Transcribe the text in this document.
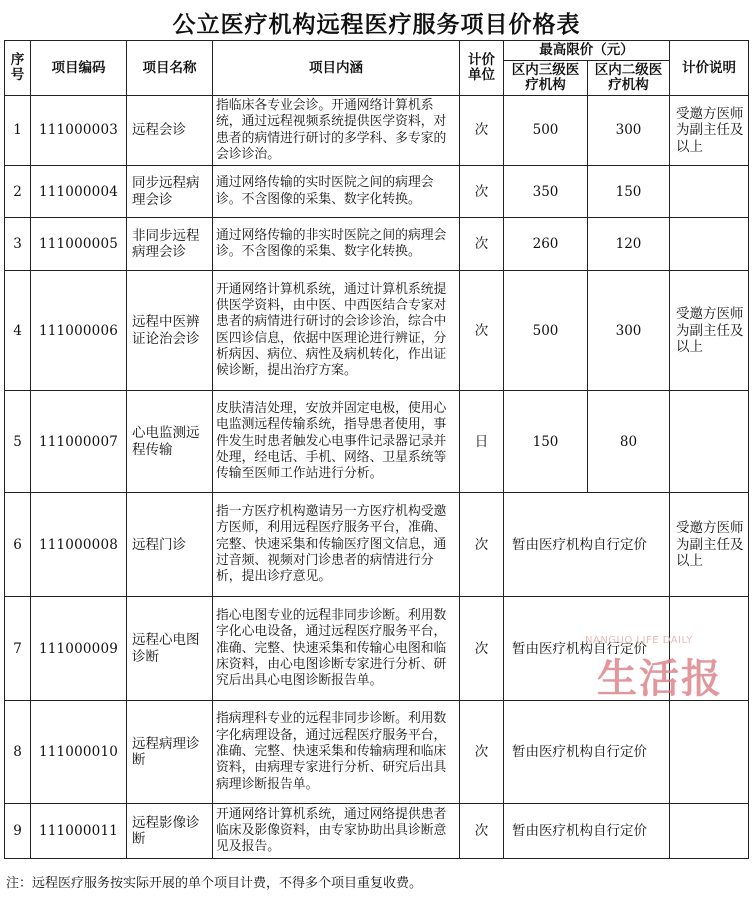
公立医疗机构远程医疗服务项目价格表
序号	项目编码	项目名称	项目内涵	计价单位	最高限价（元）		计价说明
					区内三级医疗机构	区内二级医疗机构	
1	111000003	远程会诊	指临床各专业会诊。开通网络计算机系统，通过远程视频系统提供医学资料，对患者的病情进行研讨的多学科、多专家的会诊诊治。	次	500	300	受邀方医师为副主任及以上
2	111000004	同步远程病理会诊	通过网络传输的实时医院之间的病理会诊。不含图像的采集、数字化转换。	次	350	150	
3	111000005	非同步远程病理会诊	通过网络传输的非实时医院之间的病理会诊。不含图像的采集、数字化转换。	次	260	120	
4	111000006	远程中医辨证论治会诊	开通网络计算机系统，通过计算机系统提供医学资料，由中医、中西医结合专家对患者的病情进行研讨的会诊诊治，综合中医四诊信息，依据中医理论进行辨证，分析病因、病位、病性及病机转化，作出证候诊断，提出治疗方案。	次	500	300	受邀方医师为副主任及以上
5	111000007	心电监测远程传输	皮肤清洁处理，安放并固定电极，使用心电监测远程传输系统，指导患者使用，事件发生时患者触发心电事件记录器记录并处理，经电话、手机、网络、卫星系统等传输至医师工作站进行分析。	日	150	80	
6	111000008	远程门诊	指一方医疗机构邀请另一方医疗机构受邀方医师，利用远程医疗服务平台，准确、完整、快速采集和传输医疗图文信息，通过音频、视频对门诊患者的病情进行分析，提出诊疗意见。	次	暂由医疗机构自行定价		受邀方医师为副主任及以上
7	111000009	远程心电图诊断	指心电图专业的远程非同步诊断。利用数字化心电设备，通过远程医疗服务平台，准确、完整、快速采集和传输心电图和临床资料，由心电图诊断专家进行分析、研究后出具心电图诊断报告单。	次	暂由医疗机构自行定价		
8	111000010	远程病理诊断	指病理科专业的远程非同步诊断。利用数字化病理设备，通过远程医疗服务平台，准确、完整、快速采集和传输病理和临床资料，由病理专家进行分析、研究后出具病理诊断报告单。	次	暂由医疗机构自行定价		
9	111000011	远程影像诊断	开通网络计算机系统，通过网络提供患者临床及影像资料，由专家协助出具诊断意见及报告。	次	暂由医疗机构自行定价		
注：远程医疗服务按实际开展的单个项目计费，不得多个项目重复收费。
NANGUO LIFE DAILY
生活报
